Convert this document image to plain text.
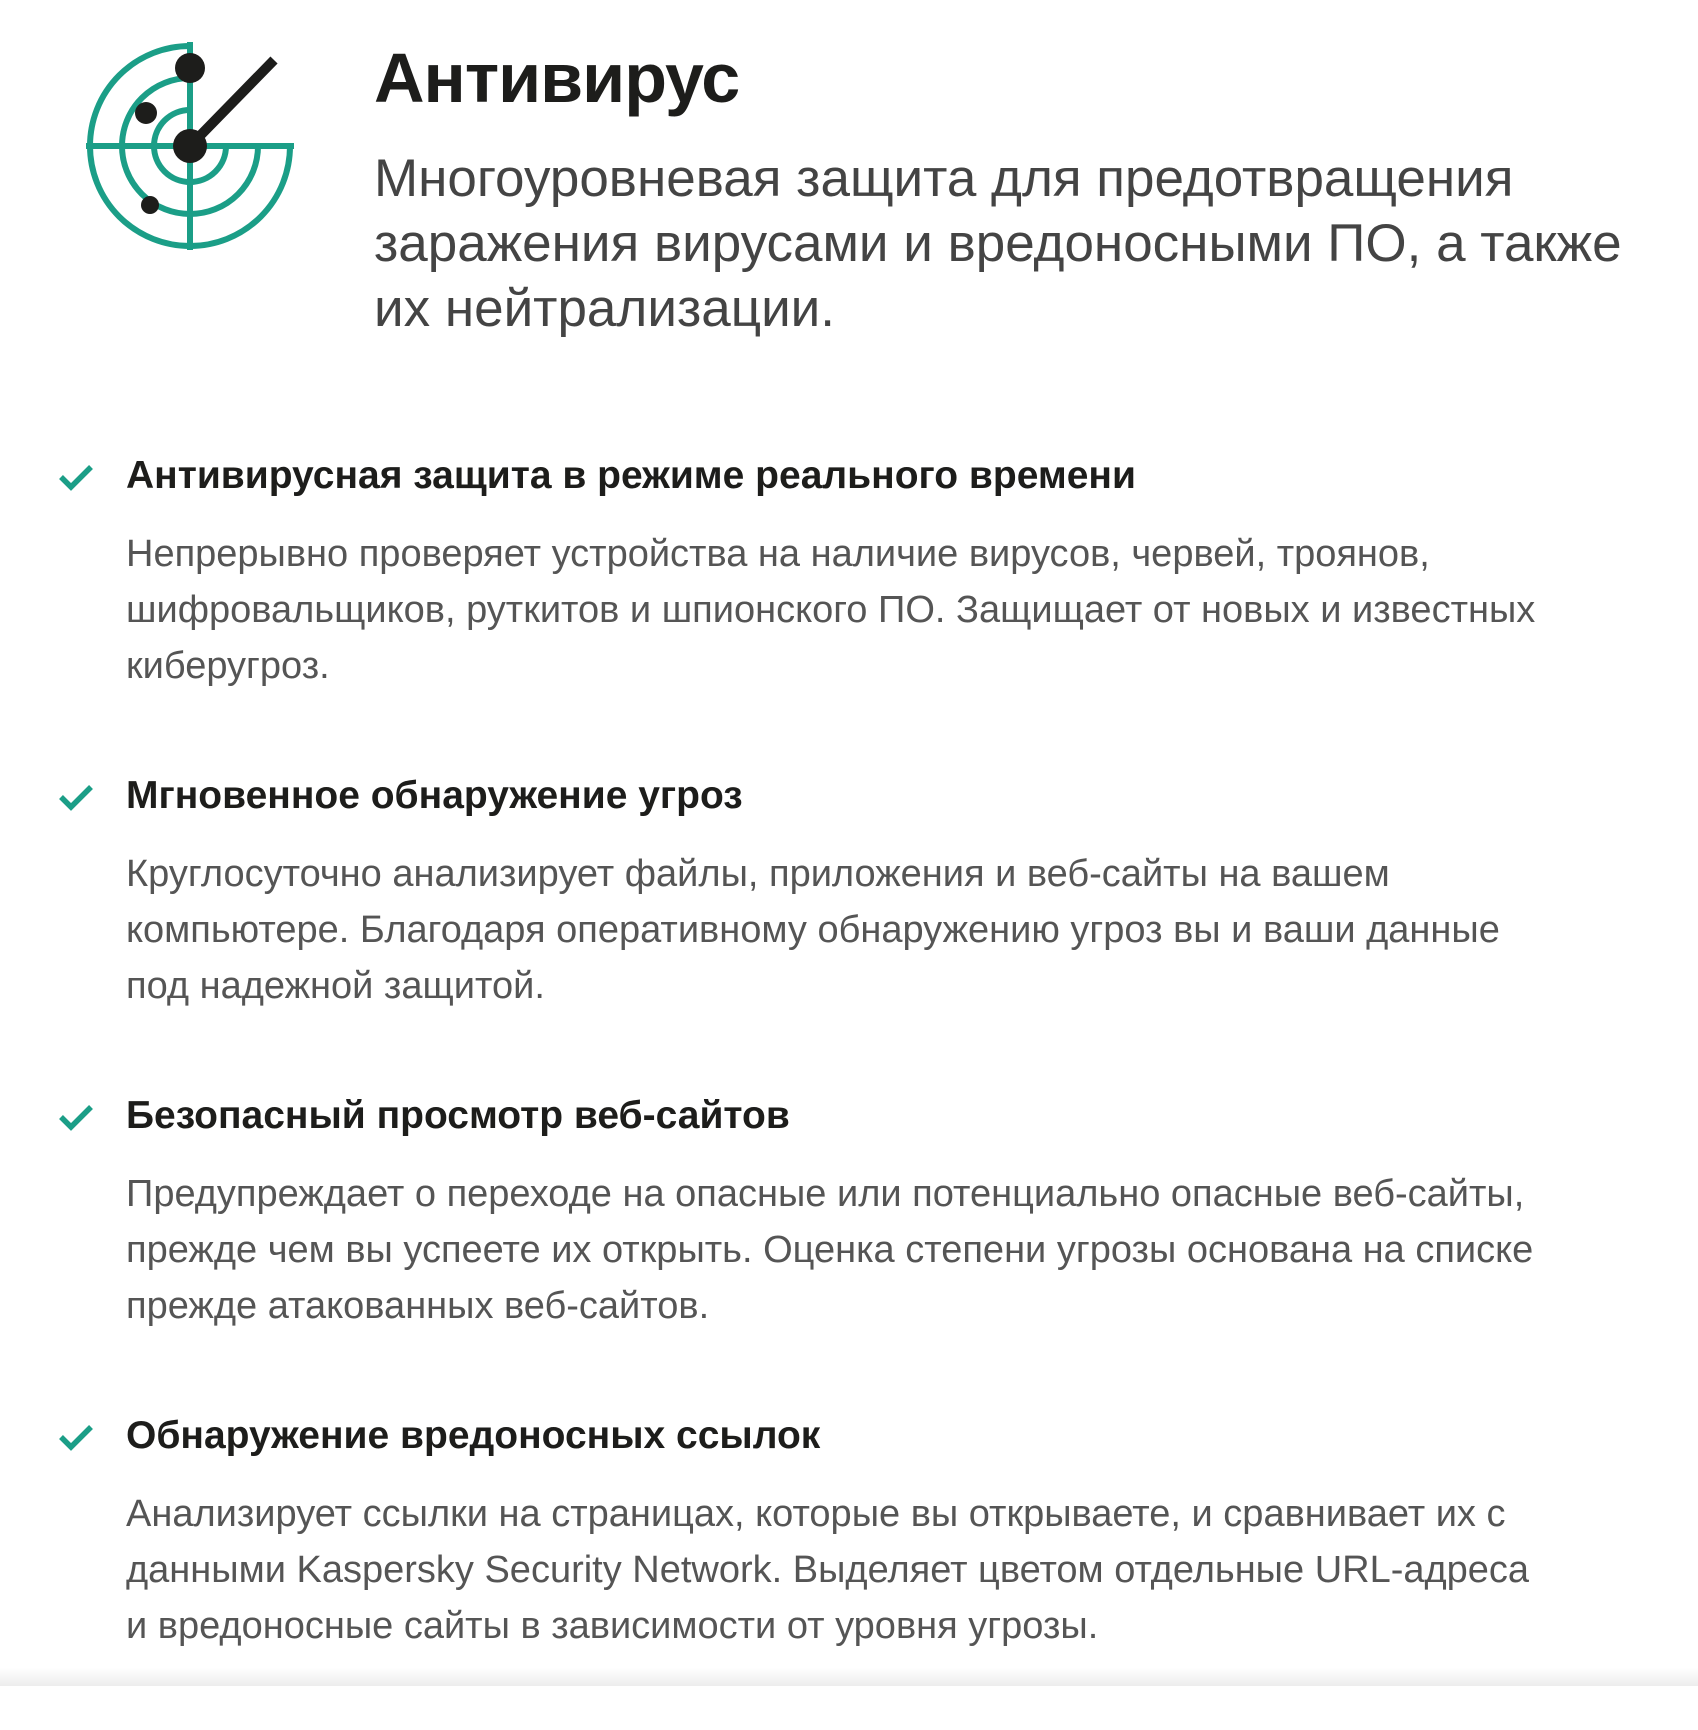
Антивирус

Многоуровневая защита для предотвращения заражения вирусами и вредоносными ПО, а также их нейтрализации.

Антивирусная защита в режиме реального времени

Непрерывно проверяет устройства на наличие вирусов, червей, троянов, шифровальщиков, руткитов и шпионского ПО. Защищает от новых и известных киберугроз.

Мгновенное обнаружение угроз

Круглосуточно анализирует файлы, приложения и веб-сайты на вашем компьютере. Благодаря оперативному обнаружению угроз вы и ваши данные под надежной защитой.

Безопасный просмотр веб-сайтов

Предупреждает о переходе на опасные или потенциально опасные веб-сайты, прежде чем вы успеете их открыть. Оценка степени угрозы основана на списке прежде атакованных веб-сайтов.

Обнаружение вредоносных ссылок

Анализирует ссылки на страницах, которые вы открываете, и сравнивает их с данными Kaspersky Security Network. Выделяет цветом отдельные URL-адреса и вредоносные сайты в зависимости от уровня угрозы.
